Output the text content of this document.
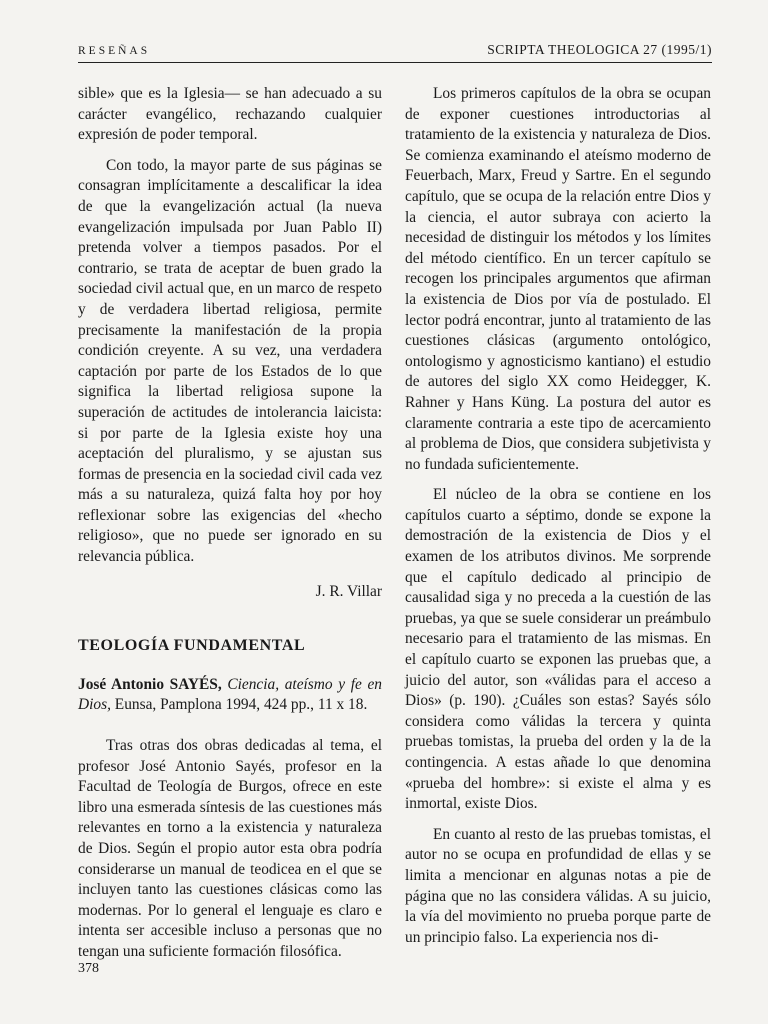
RESEÑAS	SCRIPTA THEOLOGICA 27 (1995/1)

sible» que es la Iglesia— se han adecuado a su carácter evangélico, rechazando cualquier expresión de poder temporal.

Con todo, la mayor parte de sus páginas se consagran implícitamente a descalificar la idea de que la evangelización actual (la nueva evangelización impulsada por Juan Pablo II) pretenda volver a tiempos pasados. Por el contrario, se trata de aceptar de buen grado la sociedad civil actual que, en un marco de respeto y de verdadera libertad religiosa, permite precisamente la manifestación de la propia condición creyente. A su vez, una verdadera captación por parte de los Estados de lo que significa la libertad religiosa supone la superación de actitudes de intolerancia laicista: si por parte de la Iglesia existe hoy una aceptación del pluralismo, y se ajustan sus formas de presencia en la sociedad civil cada vez más a su naturaleza, quizá falta hoy por hoy reflexionar sobre las exigencias del «hecho religioso», que no puede ser ignorado en su relevancia pública.

J. R. Villar

TEOLOGÍA FUNDAMENTAL

José Antonio SAYÉS, Ciencia, ateísmo y fe en Dios, Eunsa, Pamplona 1994, 424 pp., 11 x 18.

Tras otras dos obras dedicadas al tema, el profesor José Antonio Sayés, profesor en la Facultad de Teología de Burgos, ofrece en este libro una esmerada síntesis de las cuestiones más relevantes en torno a la existencia y naturaleza de Dios. Según el propio autor esta obra podría considerarse un manual de teodicea en el que se incluyen tanto las cuestiones clásicas como las modernas. Por lo general el lenguaje es claro e intenta ser accesible incluso a personas que no tengan una suficiente formación filosófica.

Los primeros capítulos de la obra se ocupan de exponer cuestiones introductorias al tratamiento de la existencia y naturaleza de Dios. Se comienza examinando el ateísmo moderno de Feuerbach, Marx, Freud y Sartre. En el segundo capítulo, que se ocupa de la relación entre Dios y la ciencia, el autor subraya con acierto la necesidad de distinguir los métodos y los límites del método científico. En un tercer capítulo se recogen los principales argumentos que afirman la existencia de Dios por vía de postulado. El lector podrá encontrar, junto al tratamiento de las cuestiones clásicas (argumento ontológico, ontologismo y agnosticismo kantiano) el estudio de autores del siglo XX como Heidegger, K. Rahner y Hans Küng. La postura del autor es claramente contraria a este tipo de acercamiento al problema de Dios, que considera subjetivista y no fundada suficientemente.

El núcleo de la obra se contiene en los capítulos cuarto a séptimo, donde se expone la demostración de la existencia de Dios y el examen de los atributos divinos. Me sorprende que el capítulo dedicado al principio de causalidad siga y no preceda a la cuestión de las pruebas, ya que se suele considerar un preámbulo necesario para el tratamiento de las mismas. En el capítulo cuarto se exponen las pruebas que, a juicio del autor, son «válidas para el acceso a Dios» (p. 190). ¿Cuáles son estas? Sayés sólo considera como válidas la tercera y quinta pruebas tomistas, la prueba del orden y la de la contingencia. A estas añade lo que denomina «prueba del hombre»: si existe el alma y es inmortal, existe Dios.

En cuanto al resto de las pruebas tomistas, el autor no se ocupa en profundidad de ellas y se limita a mencionar en algunas notas a pie de página que no las considera válidas. A su juicio, la vía del movimiento no prueba porque parte de un principio falso. La experiencia nos di-

378
